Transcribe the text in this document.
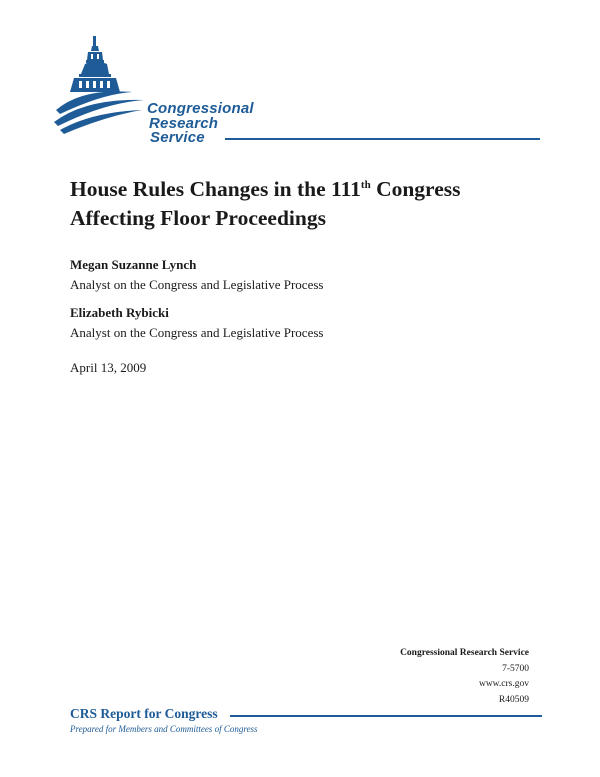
Congressional
Research
Service
House Rules Changes in the 111th Congress
Affecting Floor Proceedings
Megan Suzanne Lynch
Analyst on the Congress and Legislative Process
Elizabeth Rybicki
Analyst on the Congress and Legislative Process
April 13, 2009
Congressional Research Service
7-5700
www.crs.gov
R40509
CRS Report for Congress
Prepared for Members and Committees of Congress
